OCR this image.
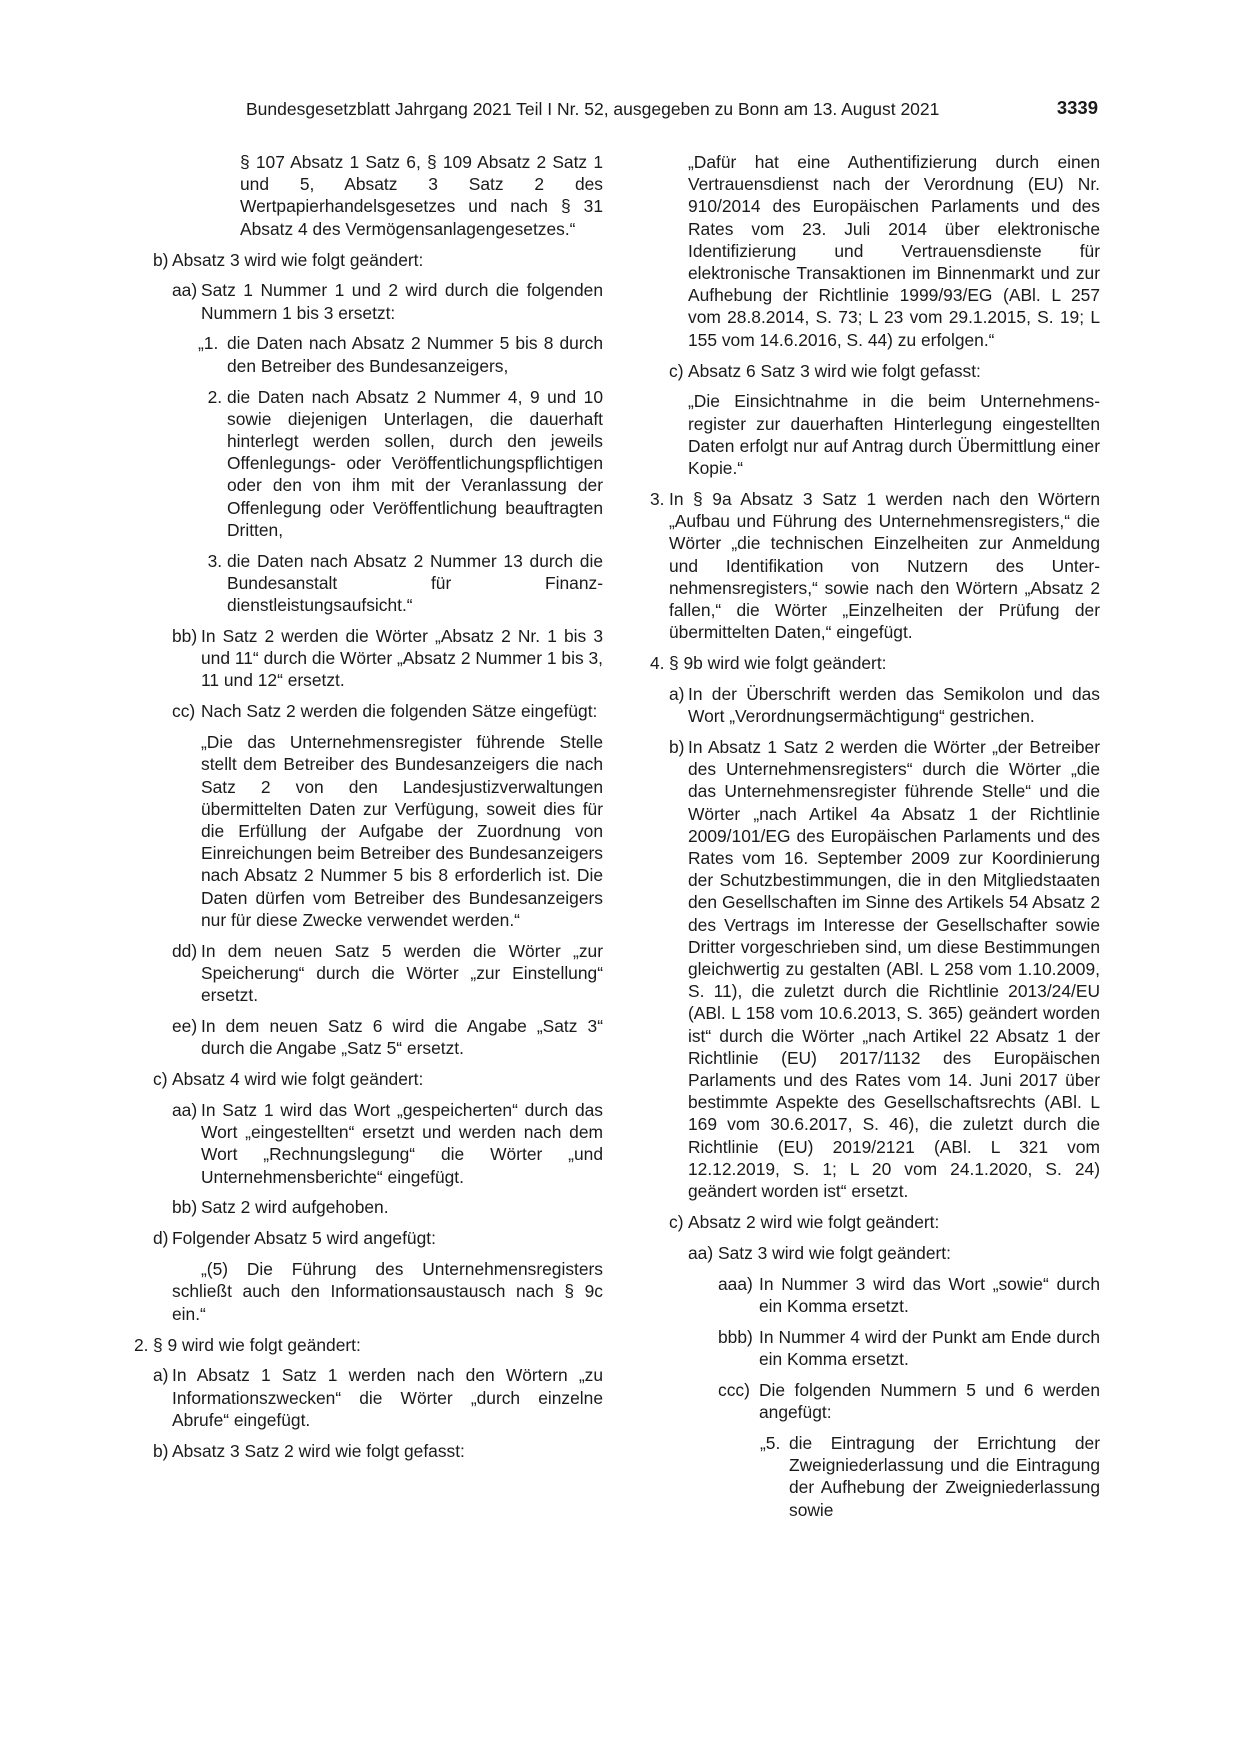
Bundesgesetzblatt Jahrgang 2021 Teil I Nr. 52, ausgegeben zu Bonn am 13. August 2021	3339
§ 107 Absatz 1 Satz 6, § 109 Absatz 2 Satz 1 und 5, Absatz 3 Satz 2 des Wertpapierhandelsgesetzes und nach § 31 Absatz 4 des Vermögensanlagengesetzes.“
b) Absatz 3 wird wie folgt geändert:
aa) Satz 1 Nummer 1 und 2 wird durch die folgenden Nummern 1 bis 3 ersetzt:
„1. die Daten nach Absatz 2 Nummer 5 bis 8 durch den Betreiber des Bundesanzeigers,
2. die Daten nach Absatz 2 Nummer 4, 9 und 10 sowie diejenigen Unterlagen, die dauerhaft hinterlegt werden sollen, durch den jeweils Offenlegungs- oder Veröffentlichungspflichtigen oder den von ihm mit der Veranlassung der Offenlegung oder Veröffentlichung beauftragten Dritten,
3. die Daten nach Absatz 2 Nummer 13 durch die Bundesanstalt für Finanzdienstleistungsaufsicht.“
bb) In Satz 2 werden die Wörter „Absatz 2 Nr. 1 bis 3 und 11“ durch die Wörter „Absatz 2 Nummer 1 bis 3, 11 und 12“ ersetzt.
cc) Nach Satz 2 werden die folgenden Sätze eingefügt:
„Die das Unternehmensregister führende Stelle stellt dem Betreiber des Bundesanzeigers die nach Satz 2 von den Landesjustizverwaltungen übermittelten Daten zur Verfügung, soweit dies für die Erfüllung der Aufgabe der Zuordnung von Einreichungen beim Betreiber des Bundesanzeigers nach Absatz 2 Nummer 5 bis 8 erforderlich ist. Die Daten dürfen vom Betreiber des Bundesanzeigers nur für diese Zwecke verwendet werden.“
dd) In dem neuen Satz 5 werden die Wörter „zur Speicherung“ durch die Wörter „zur Einstellung“ ersetzt.
ee) In dem neuen Satz 6 wird die Angabe „Satz 3“ durch die Angabe „Satz 5“ ersetzt.
c) Absatz 4 wird wie folgt geändert:
aa) In Satz 1 wird das Wort „gespeicherten“ durch das Wort „eingestellten“ ersetzt und werden nach dem Wort „Rechnungslegung“ die Wörter „und Unternehmensberichte“ eingefügt.
bb) Satz 2 wird aufgehoben.
d) Folgender Absatz 5 wird angefügt:
„(5) Die Führung des Unternehmensregisters schließt auch den Informationsaustausch nach § 9c ein.“
2. § 9 wird wie folgt geändert:
a) In Absatz 1 Satz 1 werden nach den Wörtern „zu Informationszwecken“ die Wörter „durch einzelne Abrufe“ eingefügt.
b) Absatz 3 Satz 2 wird wie folgt gefasst:
„Dafür hat eine Authentifizierung durch einen Vertrauensdienst nach der Verordnung (EU) Nr. 910/2014 des Europäischen Parlaments und des Rates vom 23. Juli 2014 über elektronische Identifizierung und Vertrauensdienste für elektronische Transaktionen im Binnenmarkt und zur Aufhebung der Richtlinie 1999/93/EG (ABl. L 257 vom 28.8.2014, S. 73; L 23 vom 29.1.2015, S. 19; L 155 vom 14.6.2016, S. 44) zu erfolgen.“
c) Absatz 6 Satz 3 wird wie folgt gefasst:
„Die Einsichtnahme in die beim Unternehmensregister zur dauerhaften Hinterlegung eingestellten Daten erfolgt nur auf Antrag durch Übermittlung einer Kopie.“
3. In § 9a Absatz 3 Satz 1 werden nach den Wörtern „Aufbau und Führung des Unternehmensregisters,“ die Wörter „die technischen Einzelheiten zur Anmeldung und Identifikation von Nutzern des Unternehmensregisters,“ sowie nach den Wörtern „Absatz 2 fallen,“ die Wörter „Einzelheiten der Prüfung der übermittelten Daten,“ eingefügt.
4. § 9b wird wie folgt geändert:
a) In der Überschrift werden das Semikolon und das Wort „Verordnungsermächtigung“ gestrichen.
b) In Absatz 1 Satz 2 werden die Wörter „der Betreiber des Unternehmensregisters“ durch die Wörter „die das Unternehmensregister führende Stelle“ und die Wörter „nach Artikel 4a Absatz 1 der Richtlinie 2009/101/EG des Europäischen Parlaments und des Rates vom 16. September 2009 zur Koordinierung der Schutzbestimmungen, die in den Mitgliedstaaten den Gesellschaften im Sinne des Artikels 54 Absatz 2 des Vertrags im Interesse der Gesellschafter sowie Dritter vorgeschrieben sind, um diese Bestimmungen gleichwertig zu gestalten (ABl. L 258 vom 1.10.2009, S. 11), die zuletzt durch die Richtlinie 2013/24/EU (ABl. L 158 vom 10.6.2013, S. 365) geändert worden ist“ durch die Wörter „nach Artikel 22 Absatz 1 der Richtlinie (EU) 2017/1132 des Europäischen Parlaments und des Rates vom 14. Juni 2017 über bestimmte Aspekte des Gesellschaftsrechts (ABl. L 169 vom 30.6.2017, S. 46), die zuletzt durch die Richtlinie (EU) 2019/2121 (ABl. L 321 vom 12.12.2019, S. 1; L 20 vom 24.1.2020, S. 24) geändert worden ist“ ersetzt.
c) Absatz 2 wird wie folgt geändert:
aa) Satz 3 wird wie folgt geändert:
aaa) In Nummer 3 wird das Wort „sowie“ durch ein Komma ersetzt.
bbb) In Nummer 4 wird der Punkt am Ende durch ein Komma ersetzt.
ccc) Die folgenden Nummern 5 und 6 werden angefügt:
„5. die Eintragung der Errichtung der Zweigniederlassung und die Eintragung der Aufhebung der Zweigniederlassung sowie
